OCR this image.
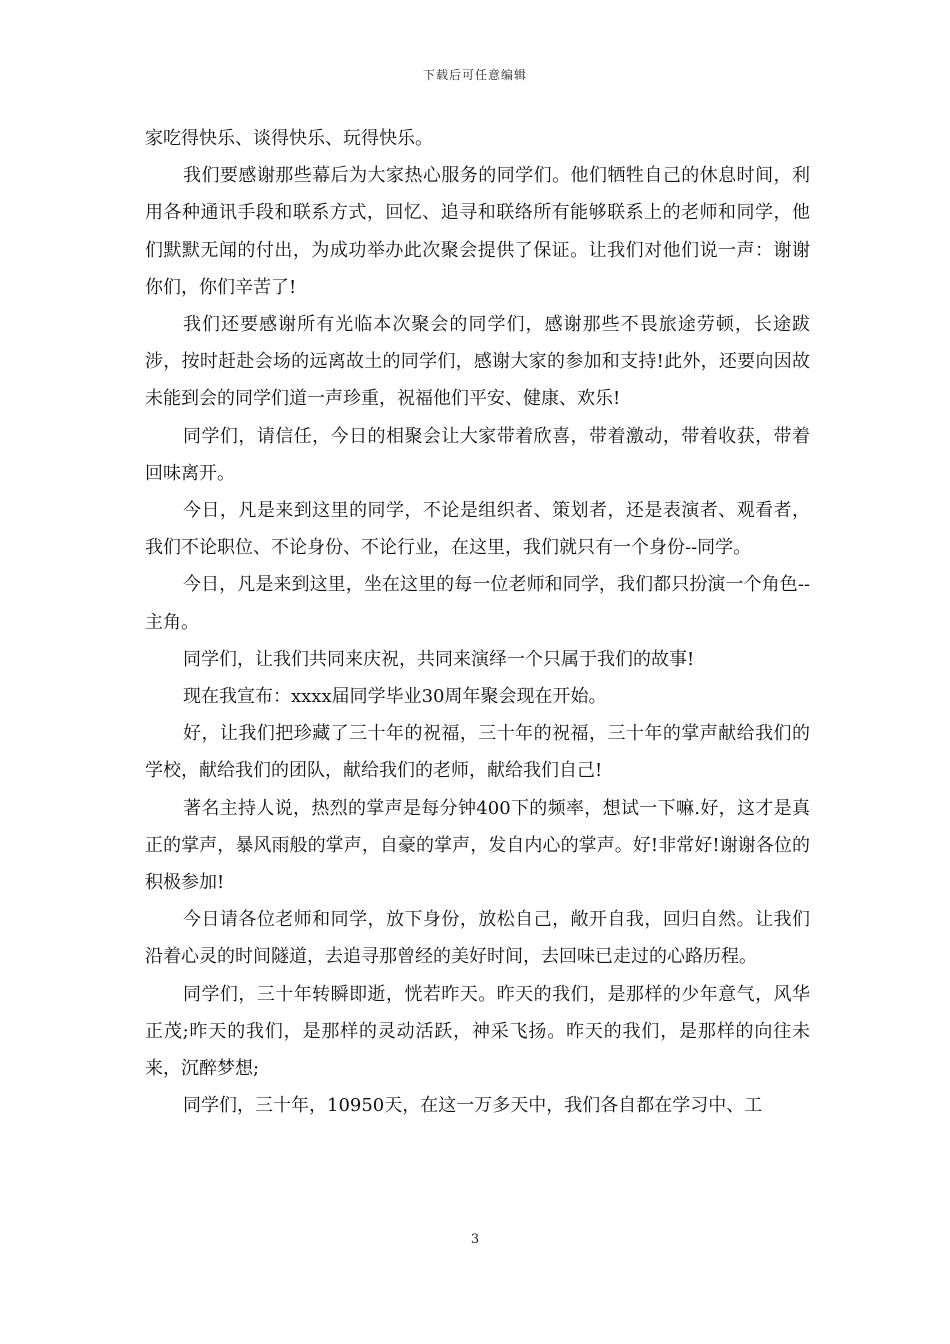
下载后可任意编辑

家吃得快乐、谈得快乐、玩得快乐。

我们要感谢那些幕后为大家热心服务的同学们。他们牺牲自己的休息时间，利用各种通讯手段和联系方式，回忆、追寻和联络所有能够联系上的老师和同学，他们默默无闻的付出，为成功举办此次聚会提供了保证。让我们对他们说一声：谢谢你们，你们辛苦了!

我们还要感谢所有光临本次聚会的同学们，感谢那些不畏旅途劳顿，长途跋涉，按时赶赴会场的远离故土的同学们，感谢大家的参加和支持!此外，还要向因故未能到会的同学们道一声珍重，祝福他们平安、健康、欢乐!

同学们，请信任，今日的相聚会让大家带着欣喜，带着激动，带着收获，带着回味离开。

今日，凡是来到这里的同学，不论是组织者、策划者，还是表演者、观看者，我们不论职位、不论身份、不论行业，在这里，我们就只有一个身份--同学。

今日，凡是来到这里，坐在这里的每一位老师和同学，我们都只扮演一个角色--主角。

同学们，让我们共同来庆祝，共同来演绎一个只属于我们的故事!

现在我宣布：xxxx届同学毕业30周年聚会现在开始。

好，让我们把珍藏了三十年的祝福，三十年的祝福，三十年的掌声献给我们的学校，献给我们的团队，献给我们的老师，献给我们自己!

著名主持人说，热烈的掌声是每分钟400下的频率，想试一下嘛.好，这才是真正的掌声，暴风雨般的掌声，自豪的掌声，发自内心的掌声。好!非常好!谢谢各位的积极参加!

今日请各位老师和同学，放下身份，放松自己，敞开自我，回归自然。让我们沿着心灵的时间隧道，去追寻那曾经的美好时间，去回味已走过的心路历程。

同学们，三十年转瞬即逝，恍若昨天。昨天的我们，是那样的少年意气，风华正茂;昨天的我们，是那样的灵动活跃，神采飞扬。昨天的我们，是那样的向往未来，沉醉梦想;

同学们，三十年，10950天，在这一万多天中，我们各自都在学习中、工

3
